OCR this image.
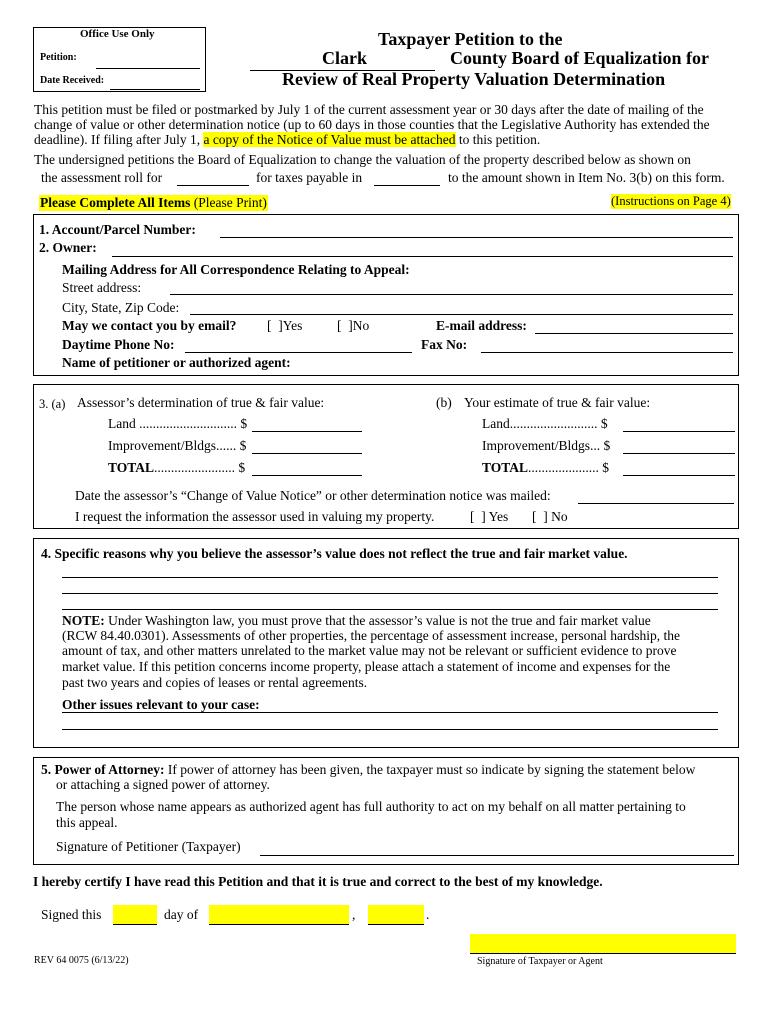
Office Use Only
Petition:
Date Received:
Taxpayer Petition to the
Clark	County Board of Equalization for
Review of Real Property Valuation Determination
This petition must be filed or postmarked by July 1 of the current assessment year or 30 days after the date of mailing of the
change of value or other determination notice (up to 60 days in those counties that the Legislative Authority has extended the
deadline). If filing after July 1, a copy of the Notice of Value must be attached to this petition.
The undersigned petitions the Board of Equalization to change the valuation of the property described below as shown on
the assessment roll for	for taxes payable in	to the amount shown in Item No. 3(b) on this form.
Please Complete All Items (Please Print)	(Instructions on Page 4)
1. Account/Parcel Number:
2. Owner:
Mailing Address for All Correspondence Relating to Appeal:
Street address:
City, State, Zip Code:
May we contact you by email? [  ]Yes	[  ]No	E-mail address:
Daytime Phone No:	Fax No:
Name of petitioner or authorized agent:
3. (a) Assessor’s determination of true & fair value:	(b) Your estimate of true & fair value:
Land ............................. $
Improvement/Bldgs...... $
TOTAL........................ $
Land.......................... $
Improvement/Bldgs... $
TOTAL..................... $
Date the assessor’s “Change of Value Notice” or other determination notice was mailed:
I request the information the assessor used in valuing my property.	[  ] Yes [  ] No
4. Specific reasons why you believe the assessor’s value does not reflect the true and fair market value.
NOTE: Under Washington law, you must prove that the assessor’s value is not the true and fair market value
(RCW 84.40.0301). Assessments of other properties, the percentage of assessment increase, personal hardship, the
amount of tax, and other matters unrelated to the market value may not be relevant or sufficient evidence to prove
market value. If this petition concerns income property, please attach a statement of income and expenses for the
past two years and copies of leases or rental agreements.
Other issues relevant to your case:
5. Power of Attorney: If power of attorney has been given, the taxpayer must so indicate by signing the statement below
or attaching a signed power of attorney.
The person whose name appears as authorized agent has full authority to act on my behalf on all matter pertaining to
this appeal.
Signature of Petitioner (Taxpayer)
I hereby certify I have read this Petition and that it is true and correct to the best of my knowledge.
Signed this	day of	,	.
REV 64 0075 (6/13/22)	Signature of Taxpayer or Agent
